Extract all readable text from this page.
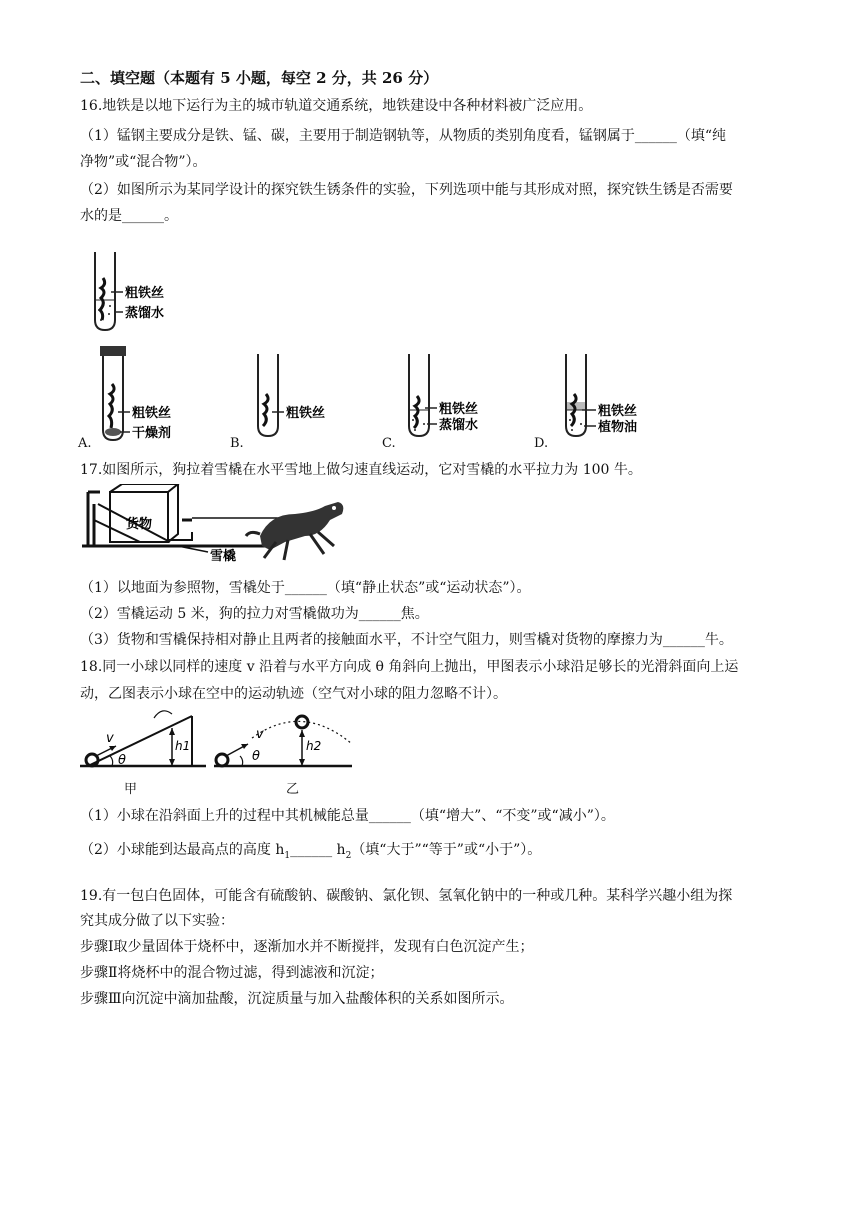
二、填空题（本题有 5 小题，每空 2 分，共 26 分）
16.地铁是以地下运行为主的城市轨道交通系统，地铁建设中各种材料被广泛应用。
（1）锰钢主要成分是铁、锰、碳，主要用于制造钢轨等，从物质的类别角度看，锰钢属于______（填“纯
净物”或“混合物”）。
（2）如图所示为某同学设计的探究铁生锈条件的实验，下列选项中能与其形成对照，探究铁生锈是否需要
水的是______。
粗铁丝
蒸馏水
粗铁丝
干燥剂
A.
粗铁丝
B.
粗铁丝
蒸馏水
C.
粗铁丝
植物油
D.
17.如图所示，狗拉着雪橇在水平雪地上做匀速直线运动，它对雪橇的水平拉力为 100 牛。
货物
雪橇
（1）以地面为参照物，雪橇处于______（填“静止状态”或“运动状态”）。
（2）雪橇运动 5 米，狗的拉力对雪橇做功为______焦。
（3）货物和雪橇保持相对静止且两者的接触面水平，不计空气阻力，则雪橇对货物的摩擦力为______牛。
18.同一小球以同样的速度 v 沿着与水平方向成 θ 角斜向上抛出，甲图表示小球沿足够长的光滑斜面向上运
动，乙图表示小球在空中的运动轨迹（空气对小球的阻力忽略不计）。
v
θ
h1
甲
v
θ
h2
乙
（1）小球在沿斜面上升的过程中其机械能总量______（填“增大”、“不变”或“减小”）。
（2）小球能到达最高点的高度 $h_1\_\_\_\_\_\_$ $h_2$（填“大于”“等于”或“小于”）。
19.有一包白色固体，可能含有硫酸钠、碳酸钠、氯化钡、氢氧化钠中的一种或几种。某科学兴趣小组为探
究其成分做了以下实验：
步骤Ⅰ取少量固体于烧杯中，逐渐加水并不断搅拌，发现有白色沉淀产生；
步骤Ⅱ将烧杯中的混合物过滤，得到滤液和沉淀；
步骤Ⅲ向沉淀中滴加盐酸，沉淀质量与加入盐酸体积的关系如图所示。
